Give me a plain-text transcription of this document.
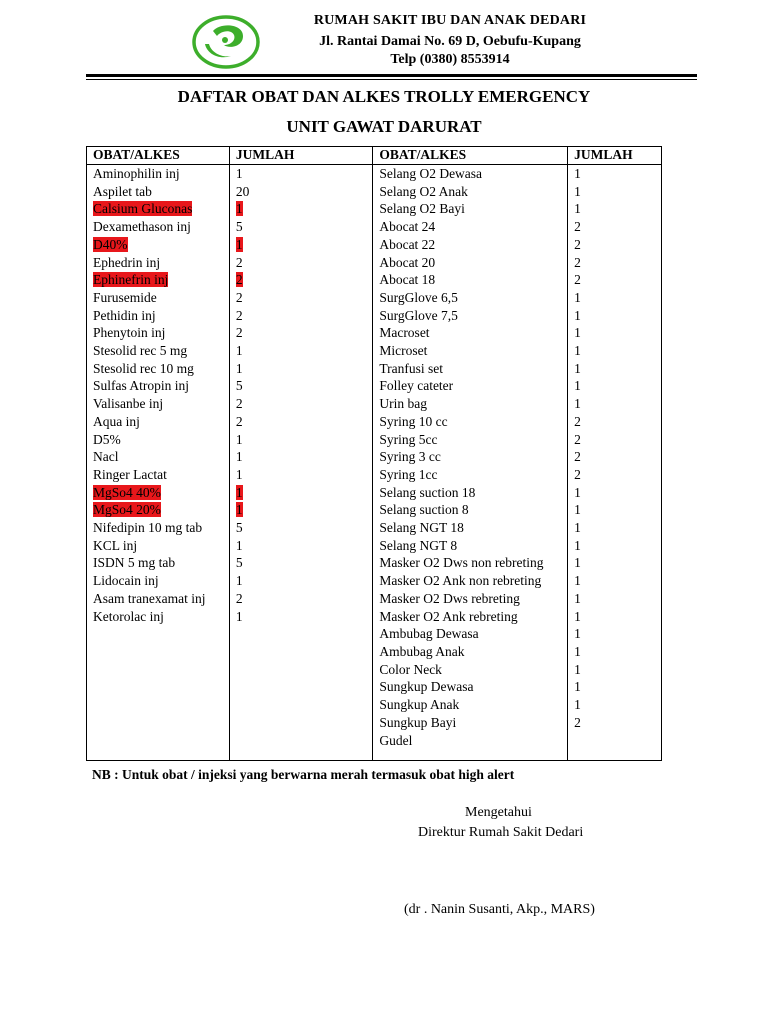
RUMAH SAKIT IBU DAN ANAK DEDARI
Jl. Rantai Damai No. 69 D, Oebufu-Kupang
Telp (0380) 8553914
DAFTAR OBAT DAN ALKES TROLLY EMERGENCY
UNIT GAWAT DARURAT
OBAT/ALKES	JUMLAH	OBAT/ALKES	JUMLAH
Aminophilin inj	1	Selang O2 Dewasa	1
Aspilet tab	20	Selang O2 Anak	1
Calsium Gluconas	1	Selang O2 Bayi	1
Dexamethason inj	5	Abocat 24	2
D40%	1	Abocat 22	2
Ephedrin inj	2	Abocat 20	2
Ephinefrin inj	2	Abocat 18	2
Furusemide	2	SurgGlove 6,5	1
Pethidin inj	2	SurgGlove 7,5	1
Phenytoin inj	2	Macroset	1
Stesolid rec 5 mg	1	Microset	1
Stesolid rec 10 mg	1	Tranfusi set	1
Sulfas Atropin inj	5	Folley cateter	1
Valisanbe inj	2	Urin bag	1
Aqua inj	2	Syring 10 cc	2
D5%	1	Syring 5cc	2
Nacl	1	Syring 3 cc	2
Ringer Lactat	1	Syring 1cc	2
MgSo4 40%	1	Selang suction 18	1
MgSo4 20%	1	Selang suction 8	1
Nifedipin 10 mg tab	5	Selang NGT 18	1
KCL inj	1	Selang NGT 8	1
ISDN 5 mg tab	5	Masker O2 Dws non rebreting	1
Lidocain inj	1	Masker O2 Ank non rebreting	1
Asam tranexamat inj	2	Masker O2 Dws rebreting	1
Ketorolac inj	1	Masker O2 Ank rebreting	1
		Ambubag Dewasa	1
		Ambubag Anak	1
		Color Neck	1
		Sungkup Dewasa	1
		Sungkup Anak	1
		Sungkup Bayi	2
		Gudel	
NB : Untuk obat / injeksi yang berwarna merah termasuk obat high alert
Mengetahui
Direktur Rumah Sakit Dedari
(dr . Nanin Susanti, Akp., MARS)
